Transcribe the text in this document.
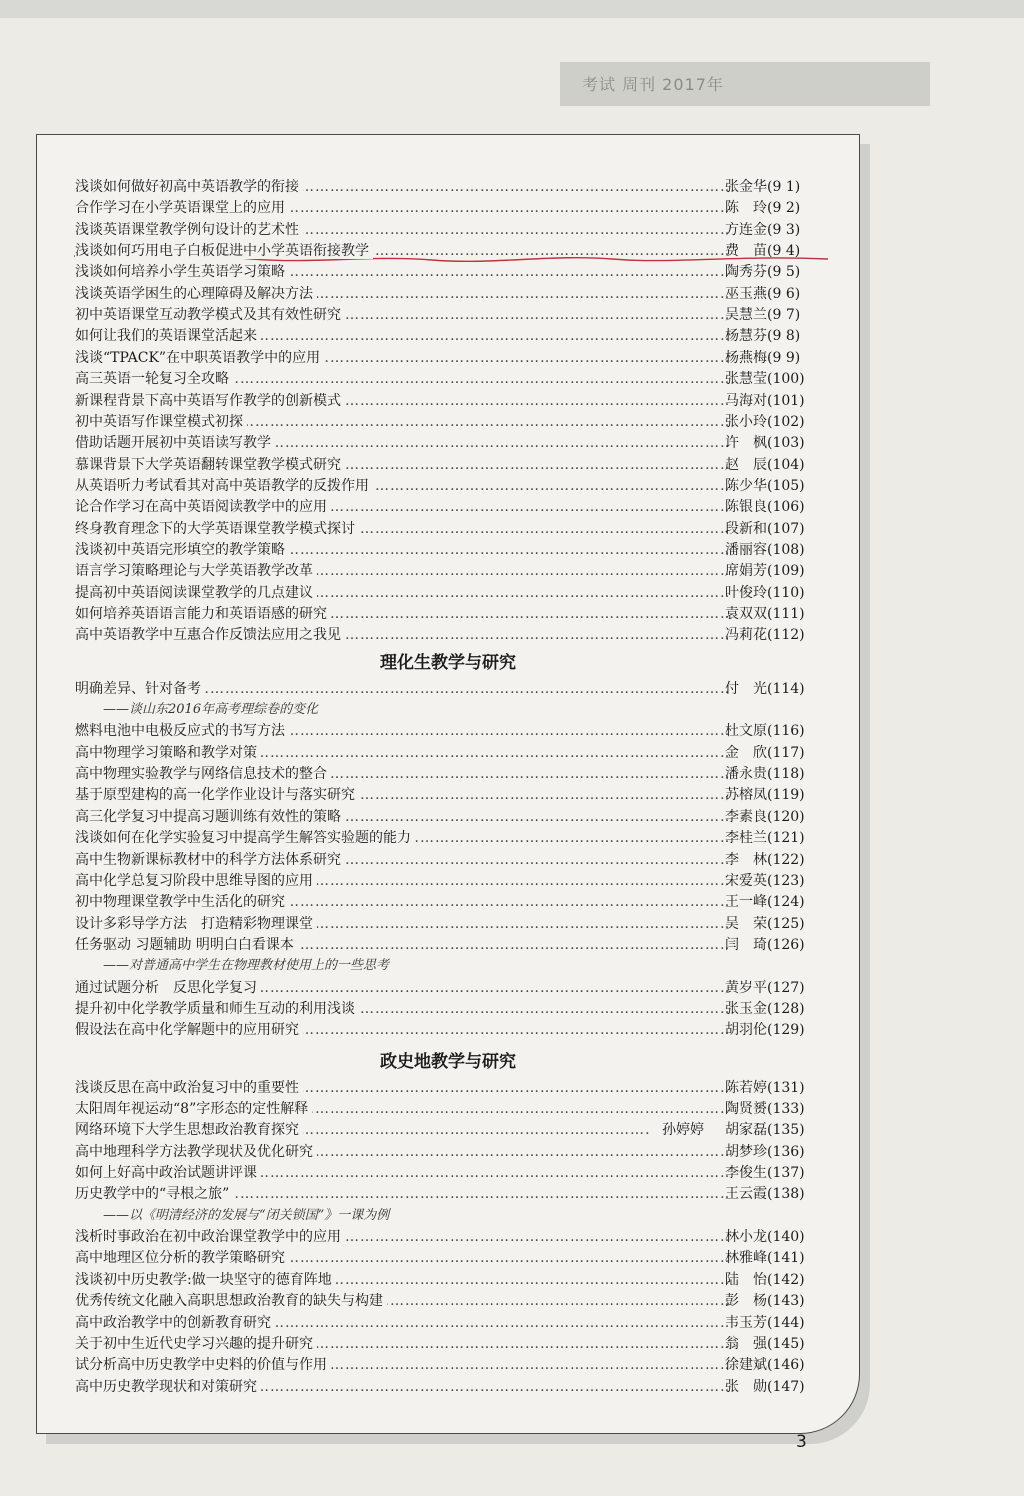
考试 周刊 2017年

浅谈如何做好初高中英语教学的衔接 …………………………………………………………………………………………………………………………………………………	张金华(9 1)
合作学习在小学英语课堂上的应用 …………………………………………………………………………………………………………………………………………………	陈　玲(9 2)
浅谈英语课堂教学例句设计的艺术性 …………………………………………………………………………………………………………………………………………………	方连金(9 3)
浅谈如何巧用电子白板促进中小学英语衔接教学 …………………………………………………………………………………………………………………………………………………	费　苗(9 4)
浅谈如何培养小学生英语学习策略 …………………………………………………………………………………………………………………………………………………	陶秀芬(9 5)
浅谈英语学困生的心理障碍及解决方法 …………………………………………………………………………………………………………………………………………………	巫玉燕(9 6)
初中英语课堂互动教学模式及其有效性研究 …………………………………………………………………………………………………………………………………………………	吴慧兰(9 7)
如何让我们的英语课堂活起来 …………………………………………………………………………………………………………………………………………………	杨慧芬(9 8)
浅谈“TPACK”在中职英语教学中的应用 …………………………………………………………………………………………………………………………………………………	杨燕梅(9 9)
高三英语一轮复习全攻略 …………………………………………………………………………………………………………………………………………………	张慧莹(100)
新课程背景下高中英语写作教学的创新模式 …………………………………………………………………………………………………………………………………………………	马海对(101)
初中英语写作课堂模式初探 …………………………………………………………………………………………………………………………………………………	张小玲(102)
借助话题开展初中英语读写教学 …………………………………………………………………………………………………………………………………………………	许　枫(103)
慕课背景下大学英语翻转课堂教学模式研究 …………………………………………………………………………………………………………………………………………………	赵　辰(104)
从英语听力考试看其对高中英语教学的反拨作用 …………………………………………………………………………………………………………………………………………………	陈少华(105)
论合作学习在高中英语阅读教学中的应用 …………………………………………………………………………………………………………………………………………………	陈银良(106)
终身教育理念下的大学英语课堂教学模式探讨 …………………………………………………………………………………………………………………………………………………	段新和(107)
浅谈初中英语完形填空的教学策略 …………………………………………………………………………………………………………………………………………………	潘丽容(108)
语言学习策略理论与大学英语教学改革 …………………………………………………………………………………………………………………………………………………	席娟芳(109)
提高初中英语阅读课堂教学的几点建议 …………………………………………………………………………………………………………………………………………………	叶俊玲(110)
如何培养英语语言能力和英语语感的研究 …………………………………………………………………………………………………………………………………………………	袁双双(111)
高中英语教学中互惠合作反馈法应用之我见 …………………………………………………………………………………………………………………………………………………	冯莉花(112)
理化生教学与研究
明确差异、针对备考 …………………………………………………………………………………………………………………………………………………	付　光(114)
——谈山东2016年高考理综卷的变化
燃料电池中电极反应式的书写方法 …………………………………………………………………………………………………………………………………………………	杜文原(116)
高中物理学习策略和教学对策 …………………………………………………………………………………………………………………………………………………	金　欣(117)
高中物理实验教学与网络信息技术的整合 …………………………………………………………………………………………………………………………………………………	潘永贵(118)
基于原型建构的高一化学作业设计与落实研究 …………………………………………………………………………………………………………………………………………………	苏榕凤(119)
高三化学复习中提高习题训练有效性的策略 …………………………………………………………………………………………………………………………………………………	李素良(120)
浅谈如何在化学实验复习中提高学生解答实验题的能力 …………………………………………………………………………………………………………………………………………………	李桂兰(121)
高中生物新课标教材中的科学方法体系研究 …………………………………………………………………………………………………………………………………………………	李　林(122)
高中化学总复习阶段中思维导图的应用 …………………………………………………………………………………………………………………………………………………	宋爱英(123)
初中物理课堂教学中生活化的研究 …………………………………………………………………………………………………………………………………………………	王一峰(124)
设计多彩导学方法　打造精彩物理课堂 …………………………………………………………………………………………………………………………………………………	吴　荣(125)
任务驱动 习题辅助 明明白白看课本 …………………………………………………………………………………………………………………………………………………	闫　琦(126)
——对普通高中学生在物理教材使用上的一些思考
通过试题分析　反思化学复习 …………………………………………………………………………………………………………………………………………………	黄岁平(127)
提升初中化学教学质量和师生互动的利用浅谈 …………………………………………………………………………………………………………………………………………………	张玉金(128)
假设法在高中化学解题中的应用研究 …………………………………………………………………………………………………………………………………………………	胡羽伦(129)
政史地教学与研究
浅谈反思在高中政治复习中的重要性 …………………………………………………………………………………………………………………………………………………	陈若婷(131)
太阳周年视运动“8”字形态的定性解释 …………………………………………………………………………………………………………………………………………………	陶贤赟(133)
网络环境下大学生思想政治教育探究 …………………………………………………………………………………………………………………………………………………	孙婷婷 胡家磊(135)
高中地理科学方法教学现状及优化研究 …………………………………………………………………………………………………………………………………………………	胡梦珍(136)
如何上好高中政治试题讲评课 …………………………………………………………………………………………………………………………………………………	李俊生(137)
历史教学中的“寻根之旅” …………………………………………………………………………………………………………………………………………………	王云霞(138)
——以《明清经济的发展与“闭关锁国”》一课为例
浅析时事政治在初中政治课堂教学中的应用 …………………………………………………………………………………………………………………………………………………	林小龙(140)
高中地理区位分析的教学策略研究 …………………………………………………………………………………………………………………………………………………	林雅峰(141)
浅谈初中历史教学:做一块坚守的德育阵地 …………………………………………………………………………………………………………………………………………………	陆　怡(142)
优秀传统文化融入高职思想政治教育的缺失与构建 …………………………………………………………………………………………………………………………………………………	彭　杨(143)
高中政治教学中的创新教育研究 …………………………………………………………………………………………………………………………………………………	韦玉芳(144)
关于初中生近代史学习兴趣的提升研究 …………………………………………………………………………………………………………………………………………………	翁　强(145)
试分析高中历史教学中史料的价值与作用 …………………………………………………………………………………………………………………………………………………	徐建斌(146)
高中历史教学现状和对策研究 …………………………………………………………………………………………………………………………………………………	张　勋(147)
3
